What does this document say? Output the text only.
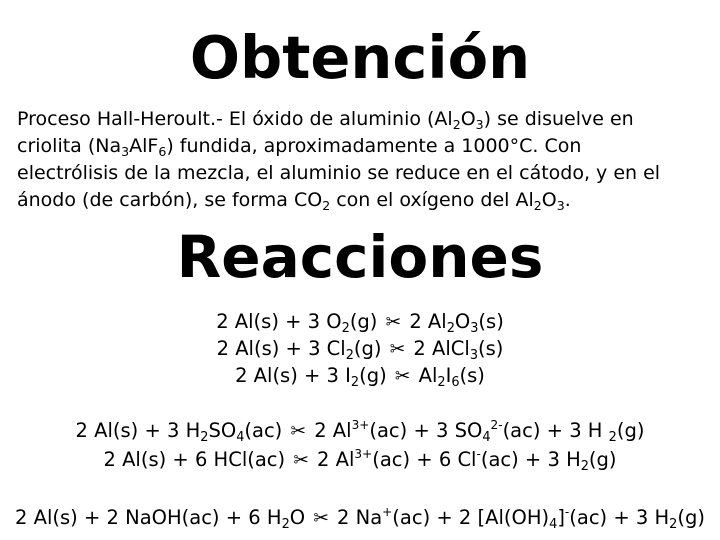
Obtención

Proceso Hall-Heroult.- El óxido de aluminio $(Al_2O_3)$ se disuelve en
criolita $(Na_3AlF_6)$ fundida, aproximadamente a 1000°C. Con
electrólisis de la mezcla, el aluminio se reduce en el cátodo, y en el
ánodo (de carbón), se forma $CO_2$ con el oxígeno del $Al_2O_3$.

Reacciones
2 Al(s) + 3 $O_2(g)$ ✂ 2 $Al_2O_3(s)$
2 Al(s) + 3 $Cl_2(g)$ ✂ 2 AlCl$_3$(s)
2 Al(s) + 3 $I_2(g)$ ✂ $Al_2I_6(s)$
2 Al(s) + 3 $H_2SO_4(ac)$ ✂ 2 $Al^{3+}(ac) + 3$ $SO_4^{2-}(ac) + 3$ H $_2$(g)
2 Al(s) + 6 HCl(ac) ✂ 2 $Al^{3+}(ac) + 6$ Cl-(ac) + 3 $H_2(g)$
2 Al(s) + 2 NaOH(ac) + 6 $H_2O$ ✂ 2 Na+(ac) + 2 $[Al(OH)_4]^-(ac) + 3$ $H_2(g)$
